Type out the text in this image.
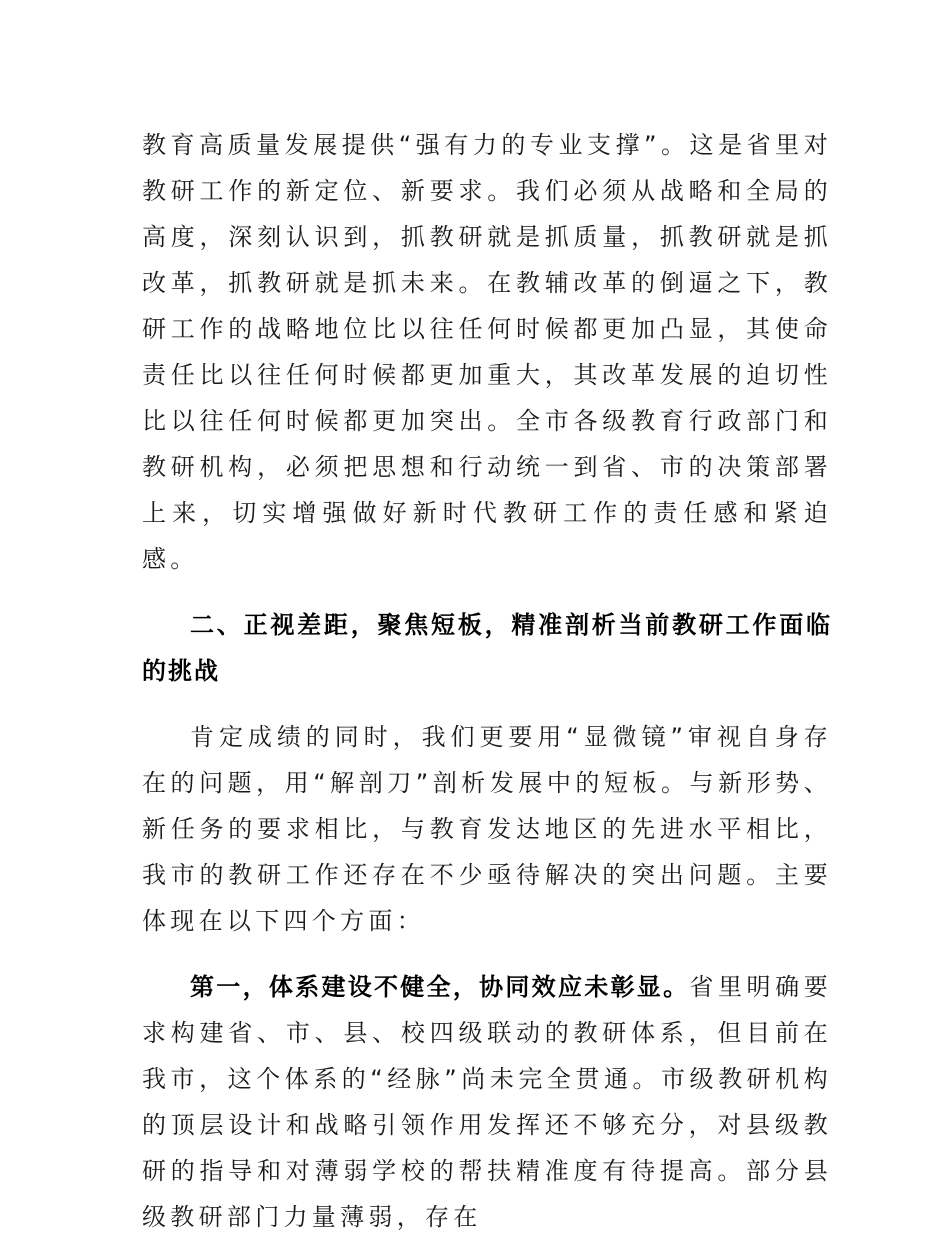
教育高质量发展提供“强有力的专业支撑”。这是省里对教研工作的新定位、新要求。我们必须从战略和全局的高度，深刻认识到，抓教研就是抓质量，抓教研就是抓改革，抓教研就是抓未来。在教辅改革的倒逼之下，教研工作的战略地位比以往任何时候都更加凸显，其使命责任比以往任何时候都更加重大，其改革发展的迫切性比以往任何时候都更加突出。全市各级教育行政部门和教研机构，必须把思想和行动统一到省、市的决策部署上来，切实增强做好新时代教研工作的责任感和紧迫感。

二、正视差距，聚焦短板，精准剖析当前教研工作面临的挑战

肯定成绩的同时，我们更要用“显微镜”审视自身存在的问题，用“解剖刀”剖析发展中的短板。与新形势、新任务的要求相比，与教育发达地区的先进水平相比，我市的教研工作还存在不少亟待解决的突出问题。主要体现在以下四个方面：

第一，体系建设不健全，协同效应未彰显。省里明确要求构建省、市、县、校四级联动的教研体系，但目前在我市，这个体系的“经脉”尚未完全贯通。市级教研机构的顶层设计和战略引领作用发挥还不够充分，对县级教研的指导和对薄弱学校的帮扶精准度有待提高。部分县级教研部门力量薄弱，存在
